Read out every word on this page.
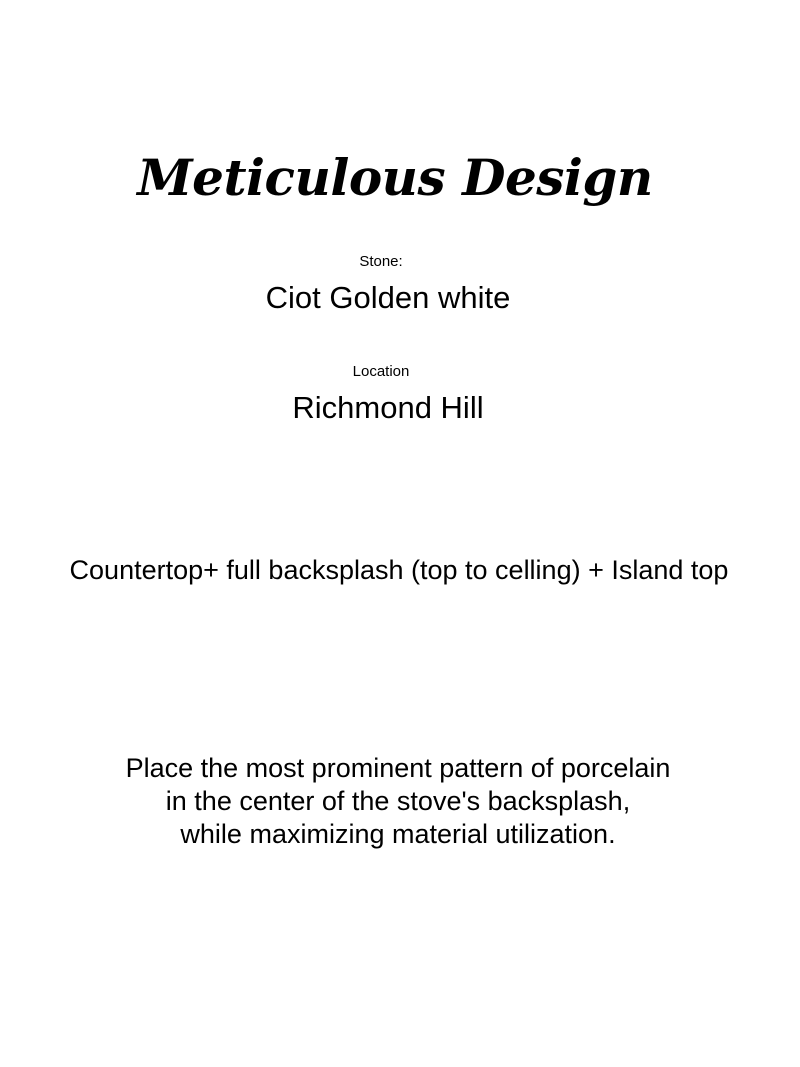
Meticulous Design
Stone:
Ciot Golden white
Location
Richmond Hill
Countertop+ full backsplash (top to celling) + Island top
Place the most prominent pattern of porcelain
in the center of the stove's backsplash,
while maximizing material utilization.
